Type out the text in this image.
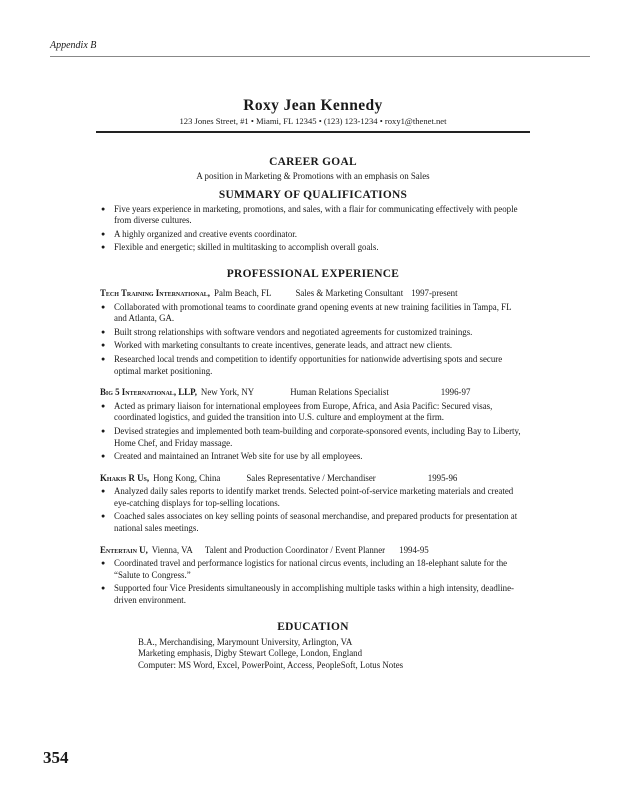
Appendix B
Roxy Jean Kennedy
123 Jones Street, #1 • Miami, FL 12345 • (123) 123-1234 • roxy1@thenet.net
CAREER GOAL
A position in Marketing & Promotions with an emphasis on Sales
SUMMARY OF QUALIFICATIONS
● Five years experience in marketing, promotions, and sales, with a flair for communicating effectively with people from diverse cultures.
● A highly organized and creative events coordinator.
● Flexible and energetic; skilled in multitasking to accomplish overall goals.
PROFESSIONAL EXPERIENCE
Tech Training International, Palm Beach, FL	Sales & Marketing Consultant 1997-present
● Collaborated with promotional teams to coordinate grand opening events at new training facilities in Tampa, FL and Atlanta, GA.
● Built strong relationships with software vendors and negotiated agreements for customized trainings.
● Worked with marketing consultants to create incentives, generate leads, and attract new clients.
● Researched local trends and competition to identify opportunities for nationwide advertising spots and secure optimal market positioning.
Big 5 International, LLP, New York, NY	Human Relations Specialist	1996-97
● Acted as primary liaison for international employees from Europe, Africa, and Asia Pacific: Secured visas, coordinated logistics, and guided the transition into U.S. culture and employment at the firm.
● Devised strategies and implemented both team-building and corporate-sponsored events, including Bay to Liberty, Home Chef, and Friday massage.
● Created and maintained an Intranet Web site for use by all employees.
Khakis R Us, Hong Kong, China	Sales Representative / Merchandiser	1995-96
● Analyzed daily sales reports to identify market trends. Selected point-of-service marketing materials and created eye-catching displays for top-selling locations.
● Coached sales associates on key selling points of seasonal merchandise, and prepared products for presentation at national sales meetings.
Entertain U, Vienna, VA Talent and Production Coordinator / Event Planner 1994-95
● Coordinated travel and performance logistics for national circus events, including an 18-elephant salute for the “Salute to Congress.”
● Supported four Vice Presidents simultaneously in accomplishing multiple tasks within a high intensity, deadline-driven environment.
EDUCATION
B.A., Merchandising, Marymount University, Arlington, VA
Marketing emphasis, Digby Stewart College, London, England
Computer: MS Word, Excel, PowerPoint, Access, PeopleSoft, Lotus Notes
354
